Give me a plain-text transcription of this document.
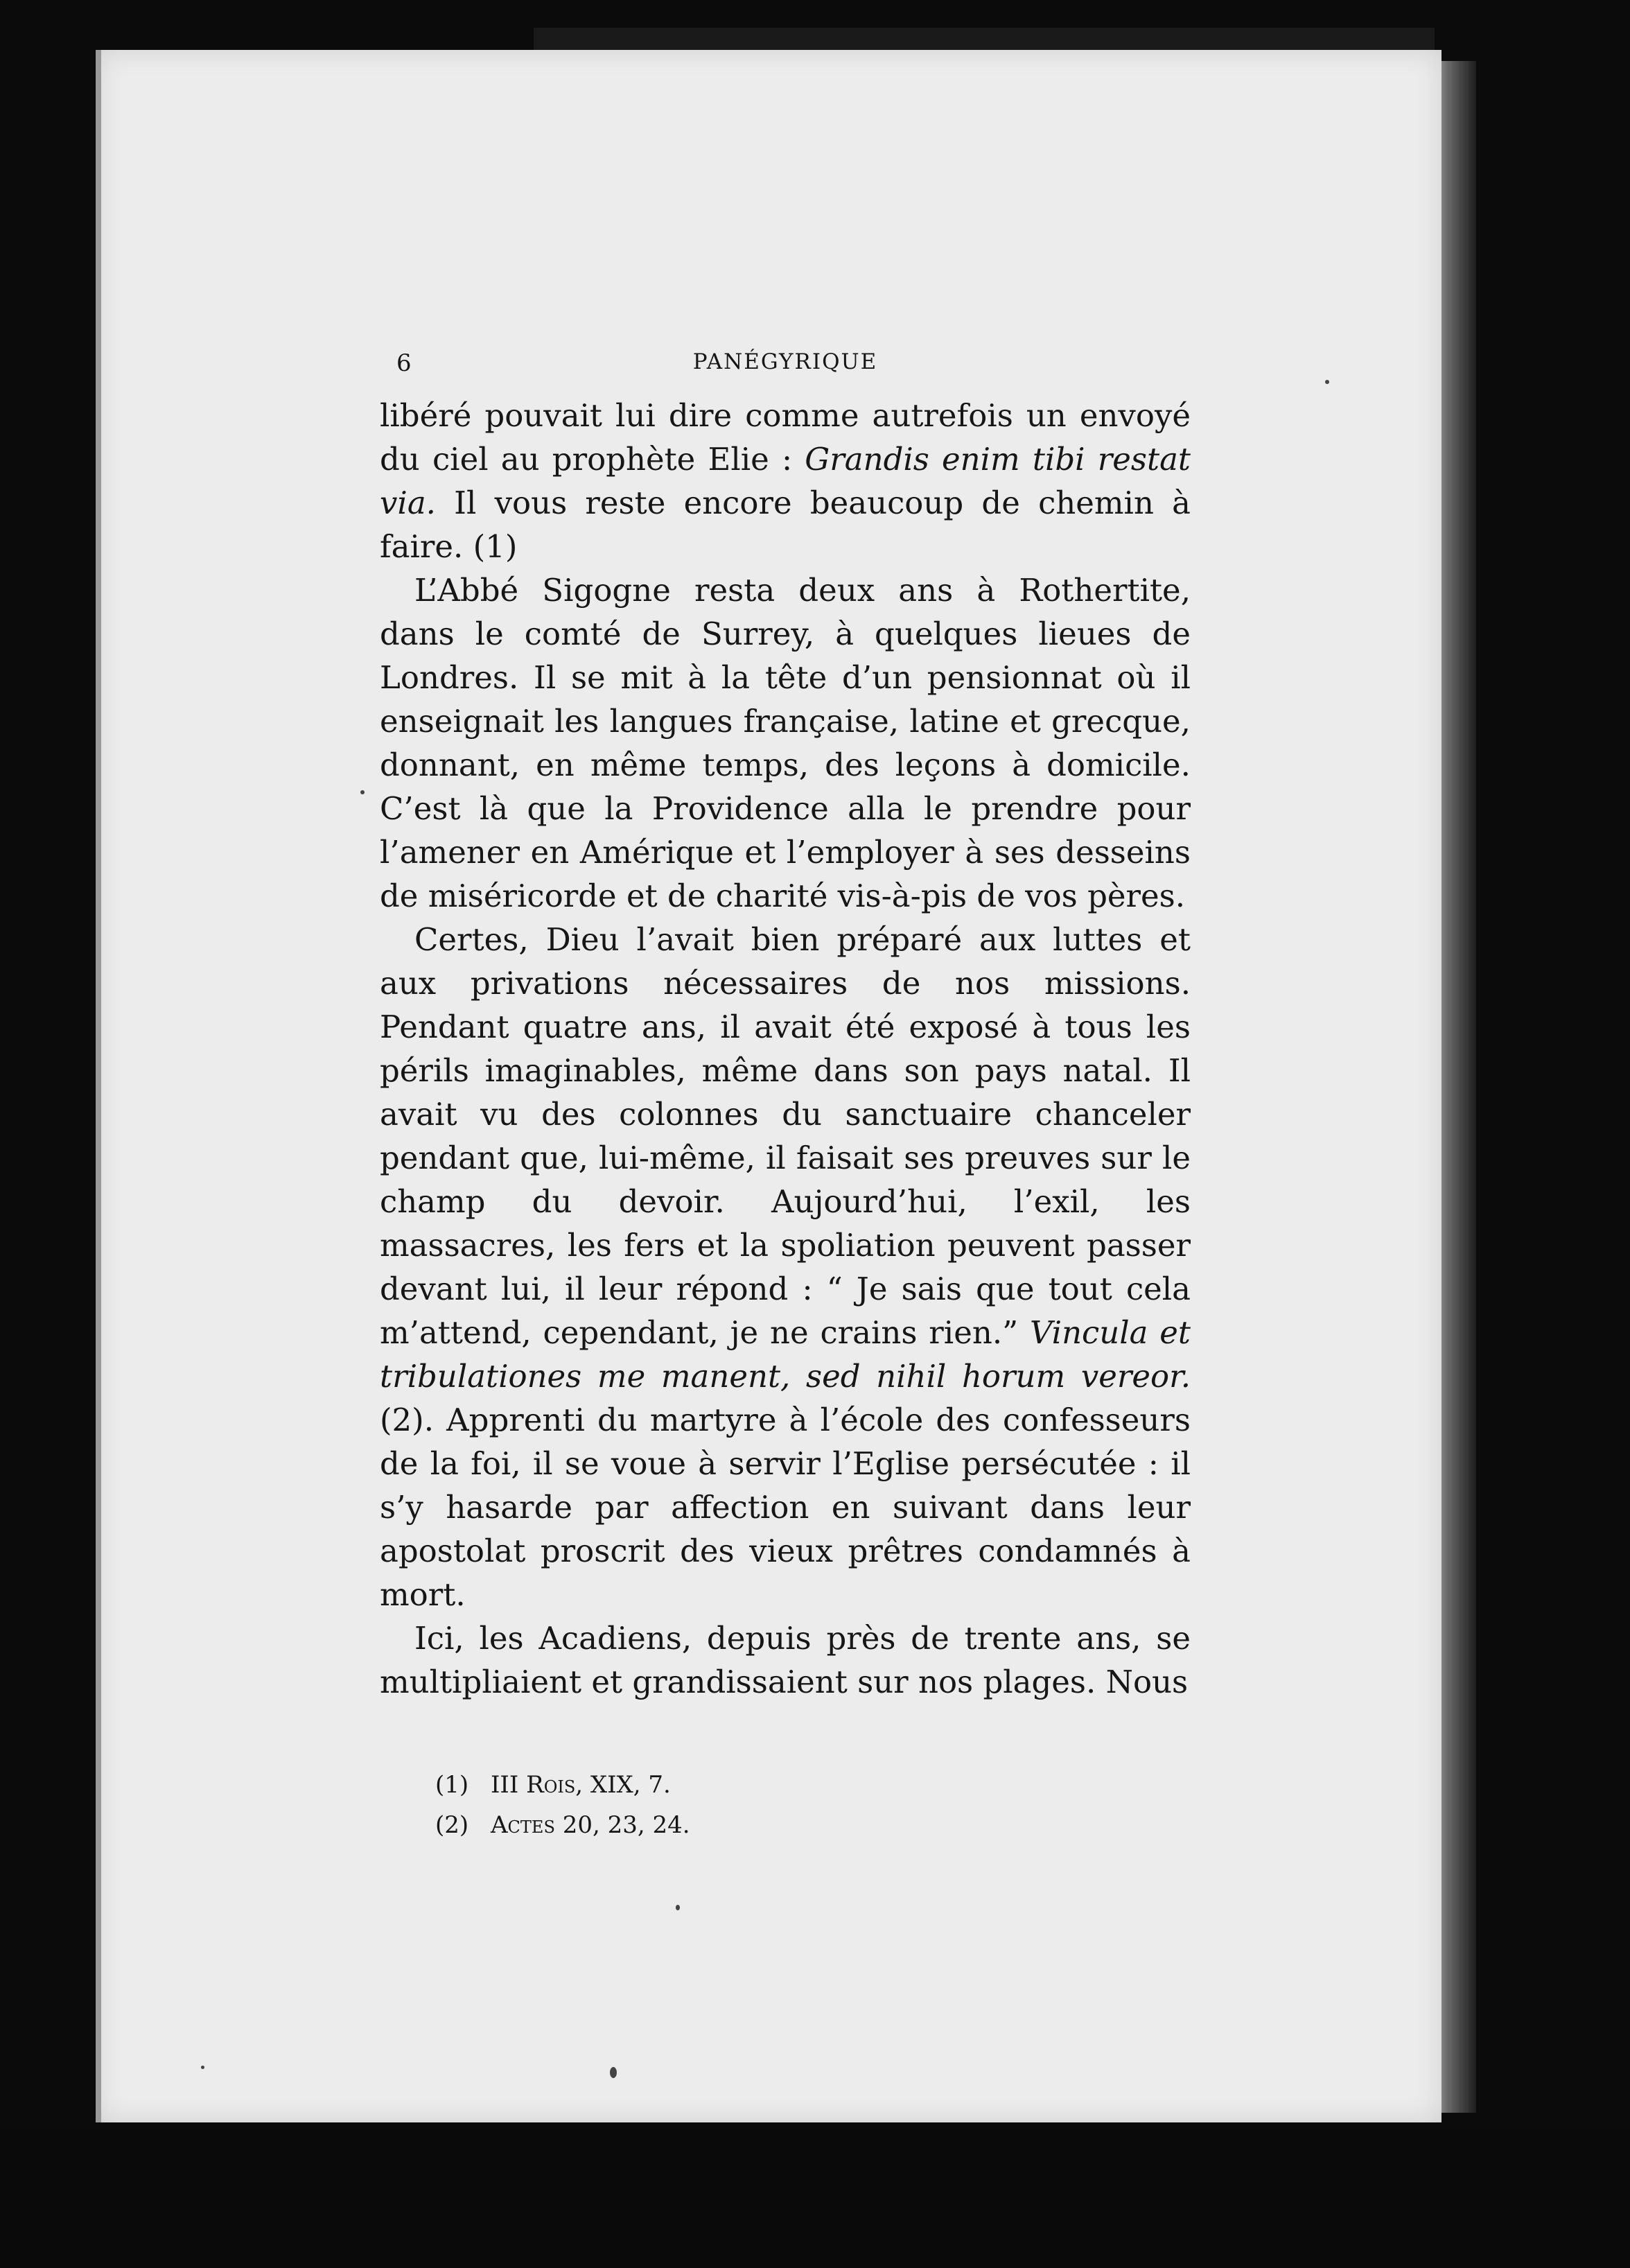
6	PANÉGYRIQUE

libéré pouvait lui dire comme autrefois un envoyé du ciel au prophète Elie : Grandis enim tibi restat via. Il vous reste encore beaucoup de chemin à faire. (1)

L’Abbé Sigogne resta deux ans à Rothertite, dans le comté de Surrey, à quelques lieues de Londres. Il se mit à la tête d’un pensionnat où il enseignait les langues française, latine et grecque, donnant, en même temps, des leçons à domicile. C’est là que la Providence alla le prendre pour l’amener en Amérique et l’employer à ses desseins de miséricorde et de charité vis-à-pis de vos pères.

Certes, Dieu l’avait bien préparé aux luttes et aux privations nécessaires de nos missions. Pendant quatre ans, il avait été exposé à tous les périls imaginables, même dans son pays natal. Il avait vu des colonnes du sanctuaire chanceler pendant que, lui-même, il faisait ses preuves sur le champ du devoir. Aujourd’hui, l’exil, les massacres, les fers et la spoliation peuvent passer devant lui, il leur répond : “ Je sais que tout cela m’attend, cependant, je ne crains rien.” Vincula et tribulationes me manent, sed nihil horum vereor. (2). Apprenti du martyre à l’école des confesseurs de la foi, il se voue à servir l’Eglise persécutée : il s’y hasarde par affection en suivant dans leur apostolat proscrit des vieux prêtres condamnés à mort.

Ici, les Acadiens, depuis près de trente ans, se multipliaient et grandissaient sur nos plages. Nous

(1) III Rois, XIX, 7.
(2) Actes 20, 23, 24.
